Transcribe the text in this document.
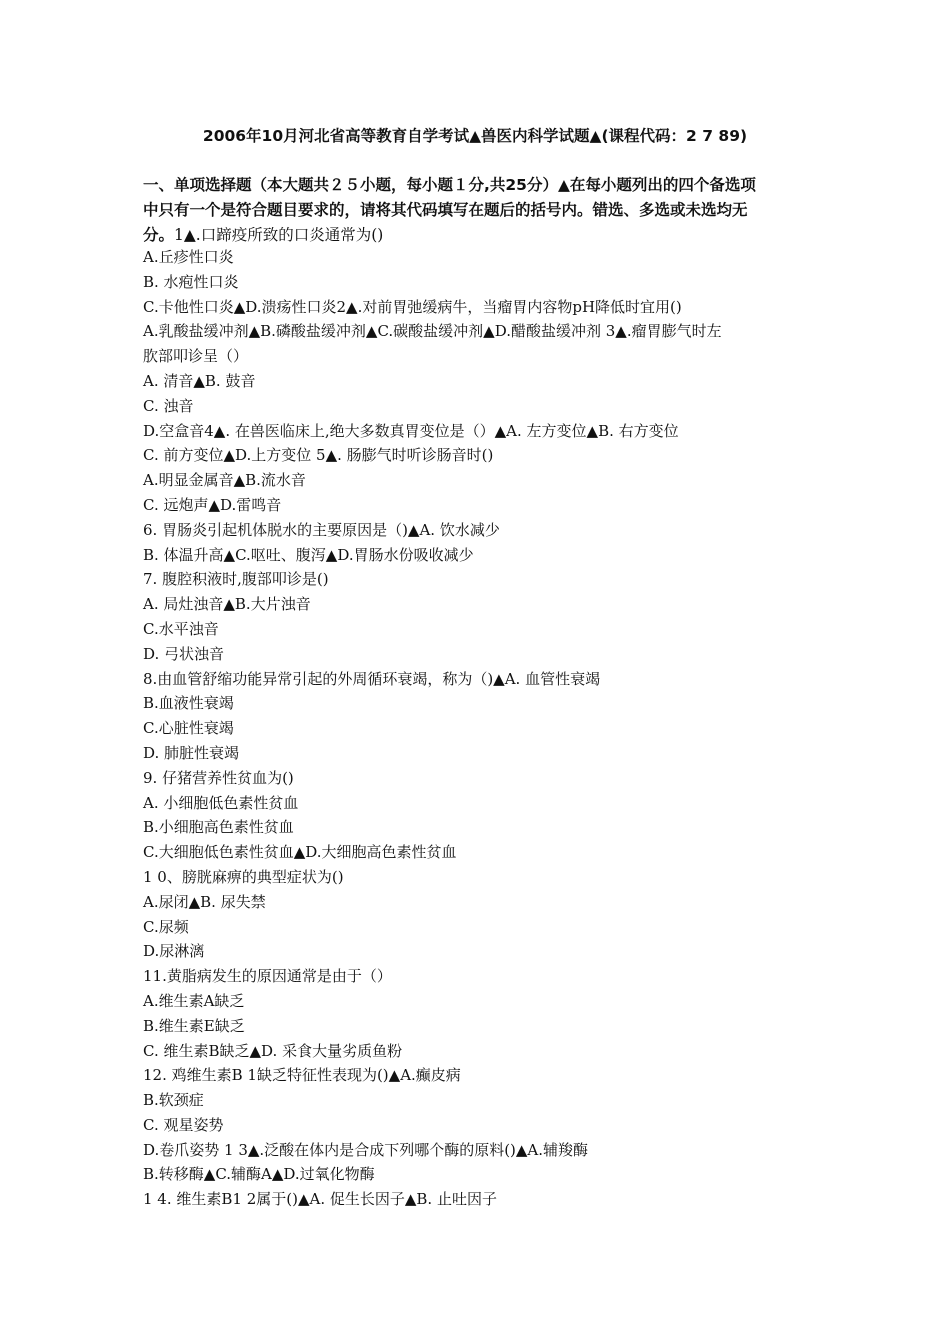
2006年10月河北省高等教育自学考试▲兽医内科学试题▲(课程代码：2 7 89)
一、单项选择题（本大题共２５小题，每小题１分,共25分）▲在每小题列出的四个备选项
中只有一个是符合题目要求的，请将其代码填写在题后的括号内。错选、多选或未选均无
分。1▲.口蹄疫所致的口炎通常为()
A.丘疹性口炎
B. 水疱性口炎
C.卡他性口炎▲D.溃疡性口炎2▲.对前胃弛缓病牛，当瘤胃内容物pH降低时宜用()
A.乳酸盐缓冲剂▲B.磷酸盐缓冲剂▲C.碳酸盐缓冲剂▲D.醋酸盐缓冲剂 3▲.瘤胃膨气时左
肷部叩诊呈（）
A. 清音▲B. 鼓音
C. 浊音
D.空盒音4▲. 在兽医临床上,绝大多数真胃变位是（）▲A. 左方变位▲B. 右方变位
C. 前方变位▲D.上方变位 5▲. 肠膨气时听诊肠音时()
A.明显金属音▲B.流水音
C. 远炮声▲D.雷鸣音
6. 胃肠炎引起机体脱水的主要原因是（)▲A. 饮水减少
B. 体温升高▲C.呕吐、腹泻▲D.胃肠水份吸收减少
7. 腹腔积液时,腹部叩诊是()
A. 局灶浊音▲B.大片浊音
C.水平浊音
D. 弓状浊音
8.由血管舒缩功能异常引起的外周循环衰竭，称为（)▲A. 血管性衰竭
B.血液性衰竭
C.心脏性衰竭
D. 肺脏性衰竭
9. 仔猪营养性贫血为()
A. 小细胞低色素性贫血
B.小细胞高色素性贫血
C.大细胞低色素性贫血▲D.大细胞高色素性贫血
1 0、膀胱麻痹的典型症状为()
A.尿闭▲B. 尿失禁
C.尿频
D.尿淋漓
11.黄脂病发生的原因通常是由于（）
A.维生素A缺乏
B.维生素E缺乏
C. 维生素B缺乏▲D. 采食大量劣质鱼粉
12. 鸡维生素B 1缺乏特征性表现为()▲A.癫皮病
B.软颈症
C. 观星姿势
D.卷爪姿势 1 3▲.泛酸在体内是合成下列哪个酶的原料()▲A.辅羧酶
B.转移酶▲C.辅酶A▲D.过氧化物酶
1 4. 维生素B1 2属于()▲A. 促生长因子▲B. 止吐因子
